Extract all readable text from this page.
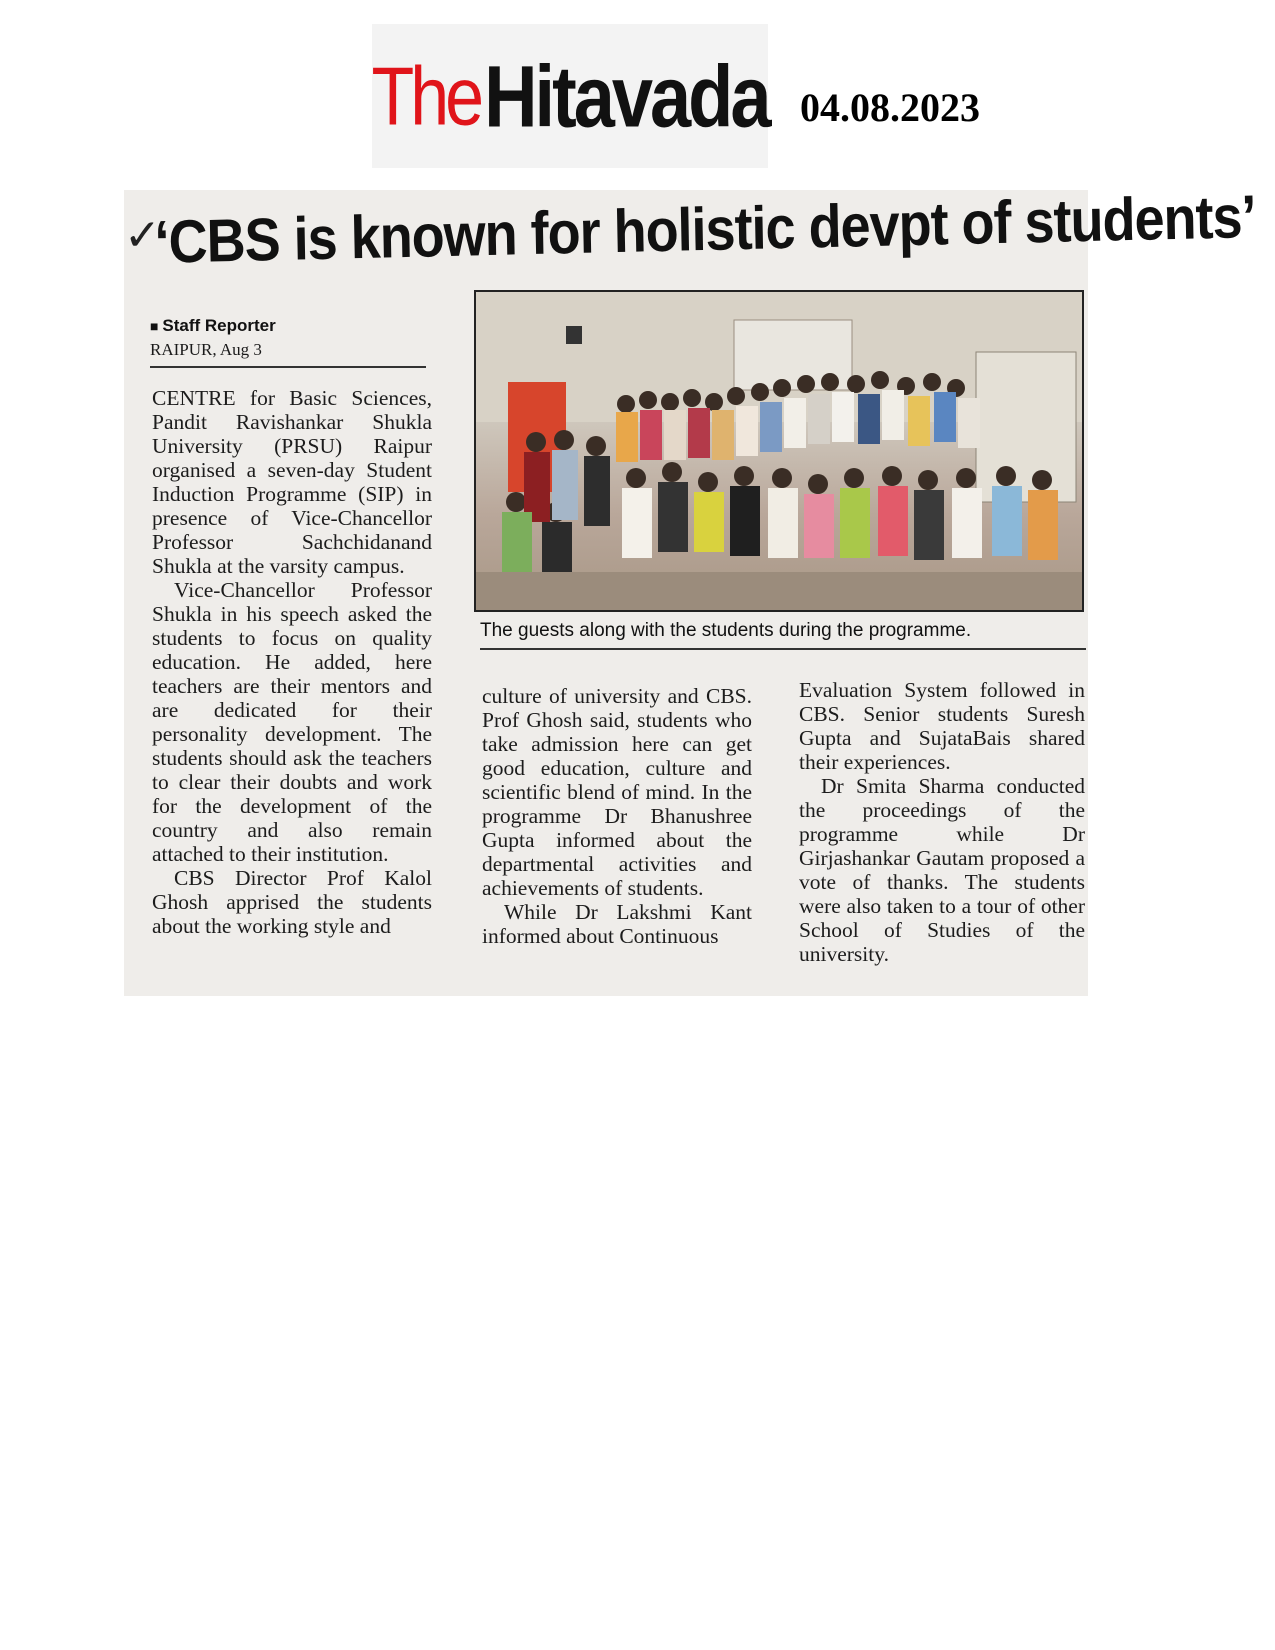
The Hitavada 04.08.2023
✓
‘CBS is known for holistic devpt of students’
■ Staff Reporter
RAIPUR, Aug 3

CENTRE for Basic Sciences, Pandit Ravishankar Shukla University (PRSU) Raipur organised a seven-day Student Induction Programme (SIP) in presence of Vice-Chancellor Professor Sachchidanand Shukla at the varsity campus.

Vice-Chancellor Professor Shukla in his speech asked the students to focus on quality education. He added, here teachers are their mentors and are dedicated for their personality development. The students should ask the teachers to clear their doubts and work for the development of the country and also remain attached to their institution.

CBS Director Prof Kalol Ghosh apprised the students about the working style and

The guests along with the students during the programme.

culture of university and CBS. Prof Ghosh said, students who take admission here can get good education, culture and scientific blend of mind. In the programme Dr Bhanushree Gupta informed about the departmental activities and achievements of students.

While Dr Lakshmi Kant informed about Continuous

Evaluation System followed in CBS. Senior students Suresh Gupta and SujataBais shared their experiences.

Dr Smita Sharma conducted the proceedings of the programme while Dr Girjashankar Gautam proposed a vote of thanks. The students were also taken to a tour of other School of Studies of the university.
